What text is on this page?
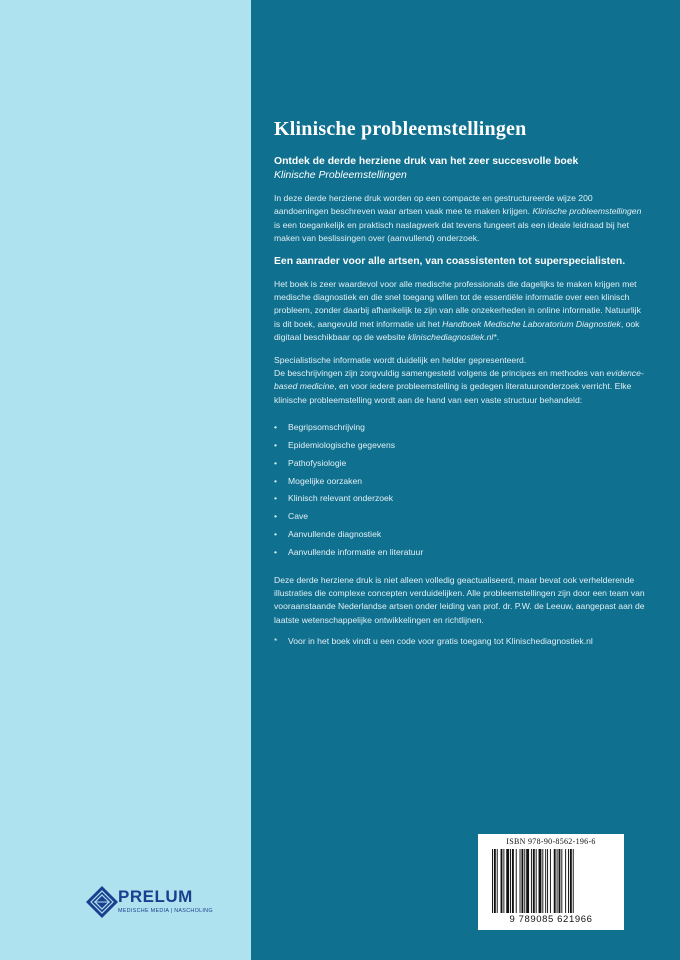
Klinische probleemstellingen
Ontdek de derde herziene druk van het zeer succesvolle boek
Klinische Probleemstellingen

In deze derde herziene druk worden op een compacte en gestructureerde wijze 200 aandoeningen beschreven waar artsen vaak mee te maken krijgen. Klinische probleemstellingen is een toegankelijk en praktisch naslagwerk dat tevens fungeert als een ideale leidraad bij het maken van beslissingen over (aanvullend) onderzoek.

Een aanrader voor alle artsen, van coassistenten tot superspecialisten.

Het boek is zeer waardevol voor alle medische professionals die dagelijks te maken krijgen met medische diagnostiek en die snel toegang willen tot de essentiële informatie over een klinisch probleem, zonder daarbij afhankelijk te zijn van alle onzekerheden in online informatie. Natuurlijk is dit boek, aangevuld met informatie uit het Handboek Medische Laboratorium Diagnostiek, ook digitaal beschikbaar op de website klinischediagnostiek.nl*.

Specialistische informatie wordt duidelijk en helder gepresenteerd.
De beschrijvingen zijn zorgvuldig samengesteld volgens de principes en methodes van evidence-based medicine, en voor iedere probleemstelling is gedegen literatuuronderzoek verricht. Elke klinische probleemstelling wordt aan de hand van een vaste structuur behandeld:

• Begripsomschrijving
• Epidemiologische gegevens
• Pathofysiologie
• Mogelijke oorzaken
• Klinisch relevant onderzoek
• Cave
• Aanvullende diagnostiek
• Aanvullende informatie en literatuur

Deze derde herziene druk is niet alleen volledig geactualiseerd, maar bevat ook verhelderende illustraties die complexe concepten verduidelijken. Alle probleemstellingen zijn door een team van vooraanstaande Nederlandse artsen onder leiding van prof. dr. P.W. de Leeuw, aangepast aan de laatste wetenschappelijke ontwikkelingen en richtlijnen.

* Voor in het boek vindt u een code voor gratis toegang tot Klinischediagnostiek.nl
ISBN 978-90-8562-196-6
9 789085 621966
PRELUM
MEDISCHE MEDIA | NASCHOLING
